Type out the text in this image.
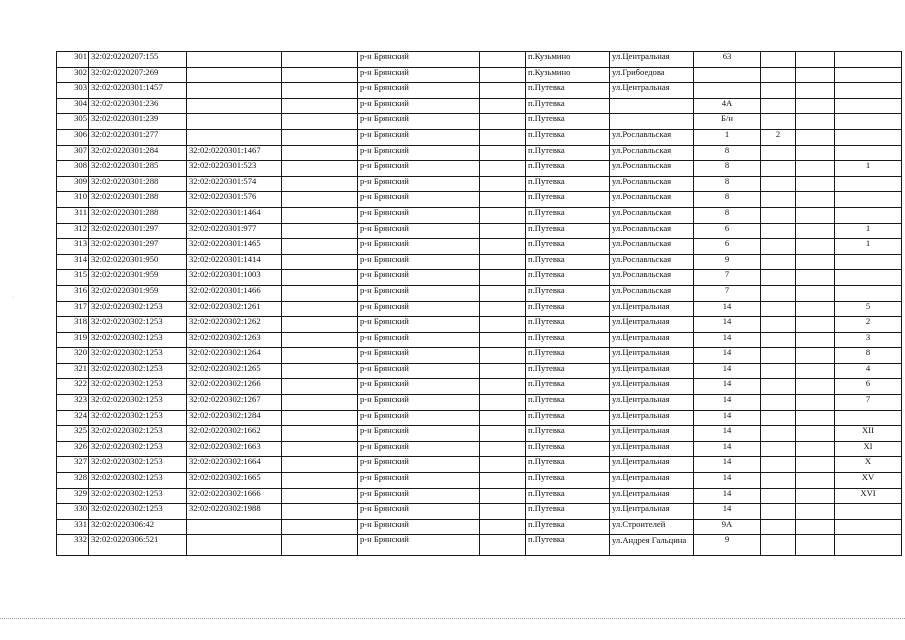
301	32:02:0220207:155			р-н Брянский		п.Кузьмино	ул.Центральная	63			
302	32:02:0220207:269			р-н Брянский		п.Кузьмино	ул.Грибоедова				
303	32:02:0220301:1457			р-н Брянский		п.Путевка	ул.Центральная				
304	32:02:0220301:236			р-н Брянский		п.Путевка		4А			
305	32:02:0220301:239			р-н Брянский		п.Путевка		Б/н			
306	32:02:0220301:277			р-н Брянский		п.Путевка	ул.Рославльская	1	2		
307	32:02:0220301:284	32:02:0220301:1467		р-н Брянский		п.Путевка	ул.Рославльская	8			
308	32:02:0220301:285	32:02:0220301:523		р-н Брянский		п.Путевка	ул.Рославльская	8			1
309	32:02:0220301:288	32:02:0220301:574		р-н Брянский		п.Путевка	ул.Рославльская	8			
310	32:02:0220301:288	32:02:0220301:576		р-н Брянский		п.Путевка	ул.Рославльская	8			
311	32:02:0220301:288	32:02:0220301:1464		р-н Брянский		п.Путевка	ул.Рославльская	8			
312	32:02:0220301:297	32:02:0220301:977		р-н Брянский		п.Путевка	ул.Рославльская	6			1
313	32:02:0220301:297	32:02:0220301:1465		р-н Брянский		п.Путевка	ул.Рославльская	6			1
314	32:02:0220301:950	32:02:0220301:1414		р-н Брянский		п.Путевка	ул.Рославльская	9			
315	32:02:0220301:959	32:02:0220301:1003		р-н Брянский		п.Путевка	ул.Рославльская	7			
316	32:02:0220301:959	32:02:0220301:1466		р-н Брянский		п.Путевка	ул.Рославльская	7			
317	32:02:0220302:1253	32:02:0220302:1261		р-н Брянский		п.Путевка	ул.Центральная	14			5
318	32:02:0220302:1253	32:02:0220302:1262		р-н Брянский		п.Путевка	ул.Центральная	14			2
319	32:02:0220302:1253	32:02:0220302:1263		р-н Брянский		п.Путевка	ул.Центральная	14			3
320	32:02:0220302:1253	32:02:0220302:1264		р-н Брянский		п.Путевка	ул.Центральная	14			8
321	32:02:0220302:1253	32:02:0220302:1265		р-н Брянский		п.Путевка	ул.Центральная	14			4
322	32:02:0220302:1253	32:02:0220302:1266		р-н Брянский		п.Путевка	ул.Центральная	14			6
323	32:02:0220302:1253	32:02:0220302:1267		р-н Брянский		п.Путевка	ул.Центральная	14			7
324	32:02:0220302:1253	32:02:0220302:1284		р-н Брянский		п.Путевка	ул.Центральная	14			
325	32:02:0220302:1253	32:02:0220302:1662		р-н Брянский		п.Путевка	ул.Центральная	14			XII
326	32:02:0220302:1253	32:02:0220302:1663		р-н Брянский		п.Путевка	ул.Центральная	14			XI
327	32:02:0220302:1253	32:02:0220302:1664		р-н Брянский		п.Путевка	ул.Центральная	14			X
328	32:02:0220302:1253	32:02:0220302:1665		р-н Брянский		п.Путевка	ул.Центральная	14			XV
329	32:02:0220302:1253	32:02:0220302:1666		р-н Брянский		п.Путевка	ул.Центральная	14			XVI
330	32:02:0220302:1253	32:02:0220302:1988		р-н Брянский		п.Путевка	ул.Центральная	14			
331	32:02:0220306:42			р-н Брянский		п.Путевка	ул.Строителей	9А			
332	32:02:0220306:521			р-н Брянский		п.Путевка	ул.Андрея Гальцина	9			
·
